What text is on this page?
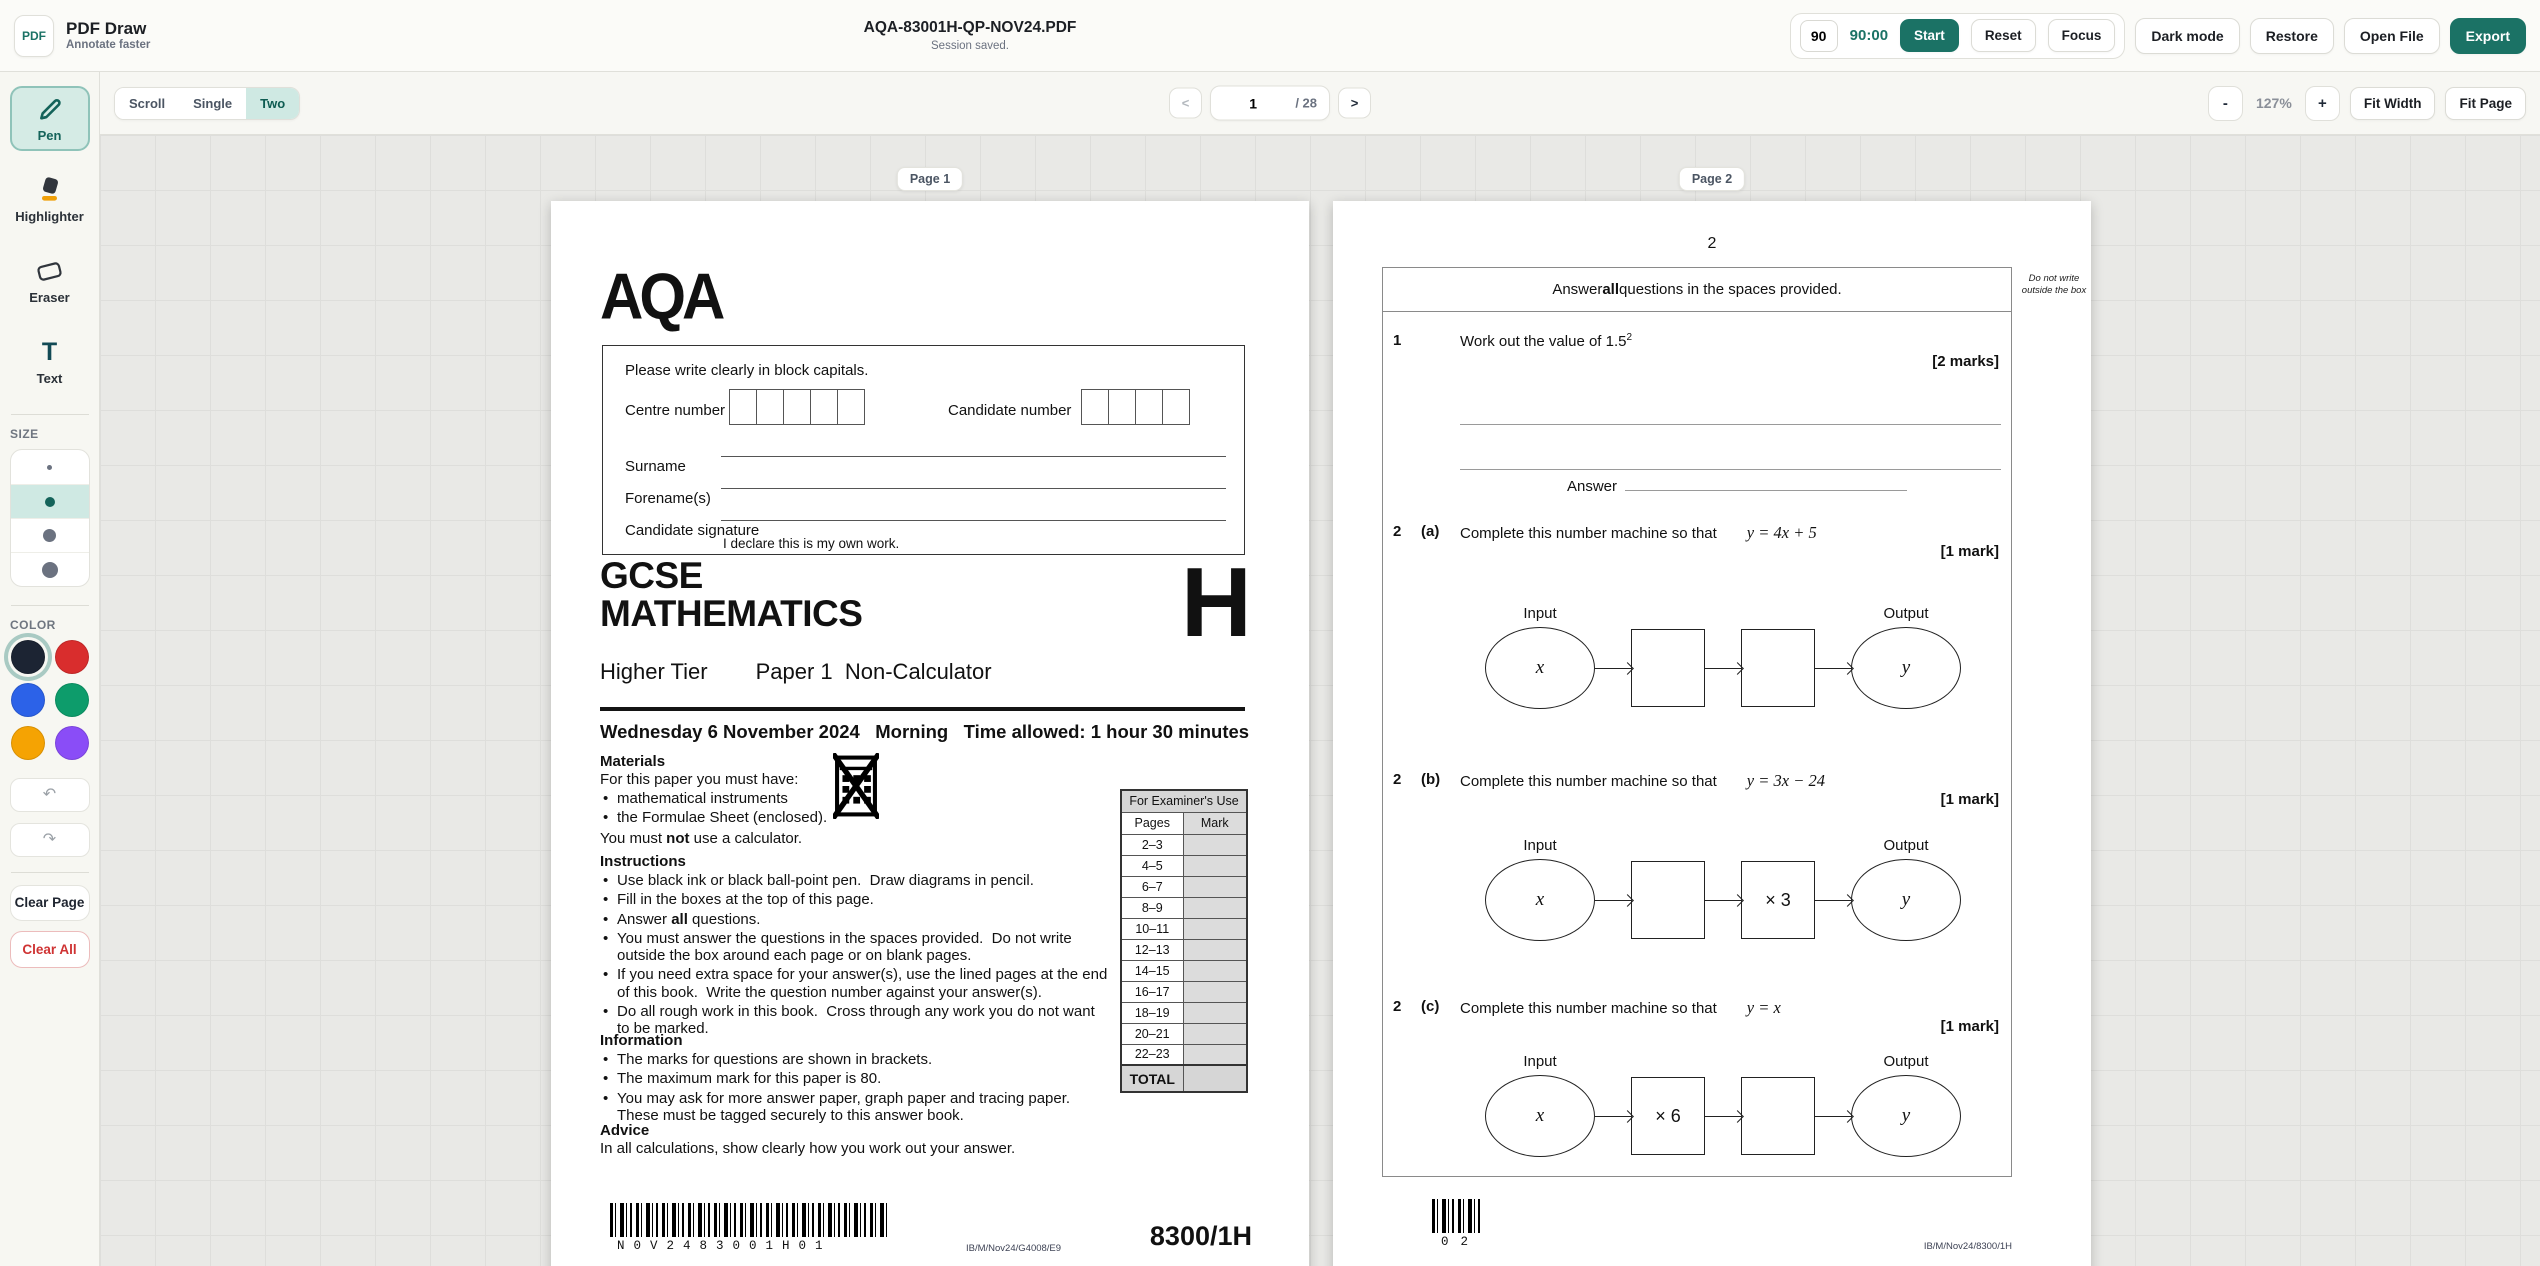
PDF PDF Draw
Annotate faster
AQA-83001H-QP-NOV24.PDF
Session saved.
90
90:00	Start	Reset	Focus	Dark mode	Restore	Open File	Export
Pen
Highlighter
Eraser
T
Text
SIZE
COLOR
↶
↷
Clear Page
Clear All
Scroll	Single	Two	<
1	/ 28	>	-	127%	+	Fit Width	Fit Page
Page 1	Page 2
AQA
Please write clearly in block capitals.
Centre number	Candidate number
Surname
Forename(s)
Candidate signature
I declare this is my own work.
GCSE
MATHEMATICS	H
Higher Tier Paper 1  Non-Calculator
Wednesday 6 November 2024   Morning   Time allowed: 1 hour 30 minutes
Materials
For this paper you must have:
• mathematical instruments
• the Formulae Sheet (enclosed).
You must not use a calculator.
Instructions
• Use black ink or black ball-point pen.  Draw diagrams in pencil.
• Fill in the boxes at the top of this page.
• Answer all questions.
• You must answer the questions in the spaces provided.  Do not write outside the box around each page or on blank pages.
• If you need extra space for your answer(s), use the lined pages at the end of this book.  Write the question number against your answer(s).
• Do all rough work in this book.  Cross through any work you do not want to be marked.
Information
• The marks for questions are shown in brackets.
• The maximum mark for this paper is 80.
• You may ask for more answer paper, graph paper and tracing paper.  These must be tagged securely to this answer book.
Advice
In all calculations, show clearly how you work out your answer.
For Examiner's Use	
Pages	Mark
2–3	
4–5	
6–7	
8–9	
10–11	
12–13	
14–15	
16–17	
18–19	
20–21	
22–23	
TOTAL	
N0V2483001H01	IB/M/Nov24/G4008/E9	8300/1H
2
Answer all questions in the spaces provided.
Do not write outside the box
1	Work out the value of $1.5^2$
[2 marks]
Answer
2 (a) Complete this number machine so that y = 4x + 5
[1 mark]
Input	Output
x	y
2 (b) Complete this number machine so that y = 3x − 24
[1 mark]
Input	Output
x	× 3	y
2 (c) Complete this number machine so that y = x
[1 mark]
Input	Output
x	× 6	y
02	IB/M/Nov24/8300/1H
